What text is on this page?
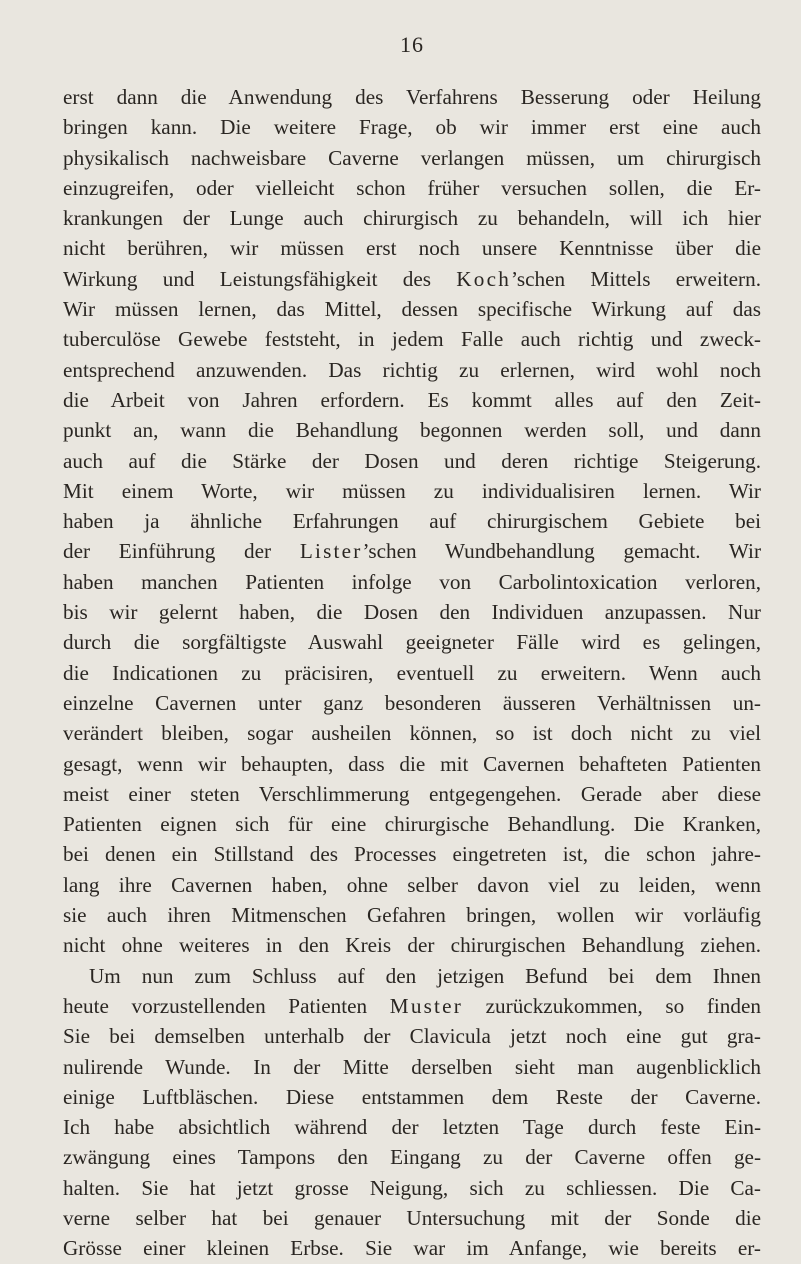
16
erst dann die Anwendung des Verfahrens Besserung oder Heilung
bringen kann. Die weitere Frage, ob wir immer erst eine auch
physikalisch nachweisbare Caverne verlangen müssen, um chirurgisch
einzugreifen, oder vielleicht schon früher versuchen sollen, die Er-
krankungen der Lunge auch chirurgisch zu behandeln, will ich hier
nicht berühren, wir müssen erst noch unsere Kenntnisse über die
Wirkung und Leistungsfähigkeit des Koch’schen Mittels erweitern.
Wir müssen lernen, das Mittel, dessen specifische Wirkung auf das
tuberculöse Gewebe feststeht, in jedem Falle auch richtig und zweck-
entsprechend anzuwenden. Das richtig zu erlernen, wird wohl noch
die Arbeit von Jahren erfordern. Es kommt alles auf den Zeit-
punkt an, wann die Behandlung begonnen werden soll, und dann
auch auf die Stärke der Dosen und deren richtige Steigerung.
Mit einem Worte, wir müssen zu individualisiren lernen. Wir
haben ja ähnliche Erfahrungen auf chirurgischem Gebiete bei
der Einführung der Lister’schen Wundbehandlung gemacht. Wir
haben manchen Patienten infolge von Carbolintoxication verloren,
bis wir gelernt haben, die Dosen den Individuen anzupassen. Nur
durch die sorgfältigste Auswahl geeigneter Fälle wird es gelingen,
die Indicationen zu präcisiren, eventuell zu erweitern. Wenn auch
einzelne Cavernen unter ganz besonderen äusseren Verhältnissen un-
verändert bleiben, sogar ausheilen können, so ist doch nicht zu viel
gesagt, wenn wir behaupten, dass die mit Cavernen behafteten Patienten
meist einer steten Verschlimmerung entgegengehen. Gerade aber diese
Patienten eignen sich für eine chirurgische Behandlung. Die Kranken,
bei denen ein Stillstand des Processes eingetreten ist, die schon jahre-
lang ihre Cavernen haben, ohne selber davon viel zu leiden, wenn
sie auch ihren Mitmenschen Gefahren bringen, wollen wir vorläufig
nicht ohne weiteres in den Kreis der chirurgischen Behandlung ziehen.
Um nun zum Schluss auf den jetzigen Befund bei dem Ihnen
heute vorzustellenden Patienten Muster zurückzukommen, so finden
Sie bei demselben unterhalb der Clavicula jetzt noch eine gut gra-
nulirende Wunde. In der Mitte derselben sieht man augenblicklich
einige Luftbläschen. Diese entstammen dem Reste der Caverne.
Ich habe absichtlich während der letzten Tage durch feste Ein-
zwängung eines Tampons den Eingang zu der Caverne offen ge-
halten. Sie hat jetzt grosse Neigung, sich zu schliessen. Die Ca-
verne selber hat bei genauer Untersuchung mit der Sonde die
Grösse einer kleinen Erbse. Sie war im Anfange, wie bereits er-
